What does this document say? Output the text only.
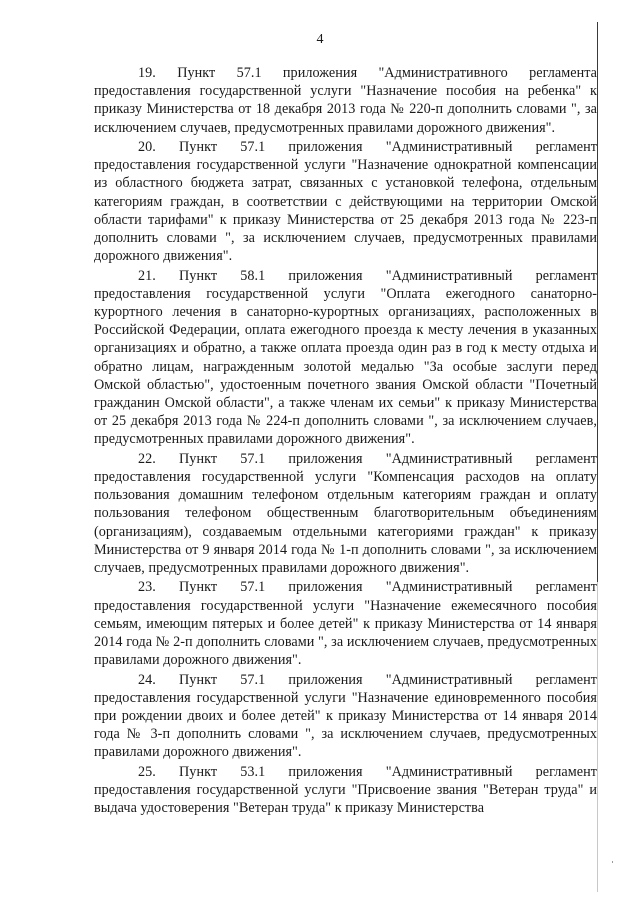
4

19. Пункт 57.1 приложения "Административного регламента предоставления государственной услуги "Назначение пособия на ребенка" к приказу Министерства от 18 декабря 2013 года № 220-п дополнить словами ", за исключением случаев, предусмотренных правилами дорожного движения".

20. Пункт 57.1 приложения "Административный регламент предоставления государственной услуги "Назначение однократной компенсации из областного бюджета затрат, связанных с установкой телефона, отдельным категориям граждан, в соответствии с действующими на территории Омской области тарифами" к приказу Министерства от 25 декабря 2013 года № 223-п дополнить словами ", за исключением случаев, предусмотренных правилами дорожного движения".

21. Пункт 58.1 приложения "Административный регламент предоставления государственной услуги "Оплата ежегодного санаторно-курортного лечения в санаторно-курортных организациях, расположенных в Российской Федерации, оплата ежегодного проезда к месту лечения в указанных организациях и обратно, а также оплата проезда один раз в год к месту отдыха и обратно лицам, награжденным золотой медалью "За особые заслуги перед Омской областью", удостоенным почетного звания Омской области "Почетный гражданин Омской области", а также членам их семьи" к приказу Министерства от 25 декабря 2013 года № 224-п дополнить словами ", за исключением случаев, предусмотренных правилами дорожного движения".

22. Пункт 57.1 приложения "Административный регламент предоставления государственной услуги "Компенсация расходов на оплату пользования домашним телефоном отдельным категориям граждан и оплату пользования телефоном общественным благотворительным объединениям (организациям), создаваемым отдельными категориями граждан" к приказу Министерства от 9 января 2014 года № 1-п дополнить словами ", за исключением случаев, предусмотренных правилами дорожного движения".

23. Пункт 57.1 приложения "Административный регламент предоставления государственной услуги "Назначение ежемесячного пособия семьям, имеющим пятерых и более детей" к приказу Министерства от 14 января 2014 года № 2-п дополнить словами ", за исключением случаев, предусмотренных правилами дорожного движения".

24. Пункт 57.1 приложения "Административный регламент предоставления государственной услуги "Назначение единовременного пособия при рождении двоих и более детей" к приказу Министерства от 14 января 2014 года № 3-п дополнить словами ", за исключением случаев, предусмотренных правилами дорожного движения".

25. Пункт 53.1 приложения "Административный регламент предоставления государственной услуги "Присвоение звания "Ветеран труда" и выдача удостоверения "Ветеран труда" к приказу Министерства
